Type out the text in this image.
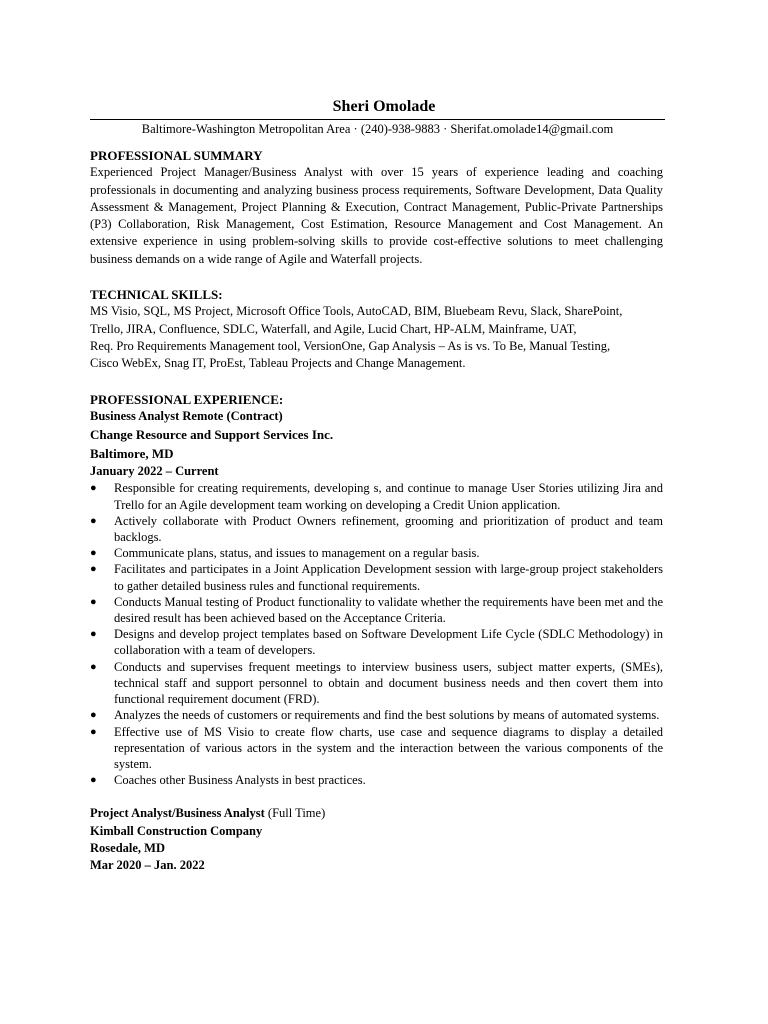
Sheri Omolade
Baltimore-Washington Metropolitan Area · (240)-938-9883 · Sherifat.omolade14@gmail.com

PROFESSIONAL SUMMARY

Experienced Project Manager/Business Analyst with over 15 years of experience leading and coaching professionals in documenting and analyzing business process requirements, Software Development, Data Quality Assessment & Management, Project Planning & Execution, Contract Management, Public-Private Partnerships (P3) Collaboration, Risk Management, Cost Estimation, Resource Management and Cost Management. An extensive experience in using problem-solving skills to provide cost-effective solutions to meet challenging business demands on a wide range of Agile and Waterfall projects.

TECHNICAL SKILLS:

MS Visio, SQL, MS Project, Microsoft Office Tools, AutoCAD, BIM, Bluebeam Revu, Slack, SharePoint,

Trello, JIRA, Confluence, SDLC, Waterfall, and Agile, Lucid Chart, HP-ALM, Mainframe, UAT,

Req. Pro Requirements Management tool, VersionOne, Gap Analysis – As is vs. To Be, Manual Testing,

Cisco WebEx, Snag IT, ProEst, Tableau Projects and Change Management.

PROFESSIONAL EXPERIENCE:

Business Analyst Remote (Contract)

Change Resource and Support Services Inc.

Baltimore, MD

January 2022 – Current

● Responsible for creating requirements, developing s, and continue to manage User Stories utilizing Jira and Trello for an Agile development team working on developing a Credit Union application.
● Actively collaborate with Product Owners refinement, grooming and prioritization of product and team backlogs.
● Communicate plans, status, and issues to management on a regular basis.
● Facilitates and participates in a Joint Application Development session with large-group project stakeholders to gather detailed business rules and functional requirements.
● Conducts Manual testing of Product functionality to validate whether the requirements have been met and the desired result has been achieved based on the Acceptance Criteria.
● Designs and develop project templates based on Software Development Life Cycle (SDLC Methodology) in collaboration with a team of developers.
● Conducts and supervises frequent meetings to interview business users, subject matter experts, (SMEs), technical staff and support personnel to obtain and document business needs and then covert them into functional requirement document (FRD).
● Analyzes the needs of customers or requirements and find the best solutions by means of automated systems.
● Effective use of MS Visio to create flow charts, use case and sequence diagrams to display a detailed representation of various actors in the system and the interaction between the various components of the system.
● Coaches other Business Analysts in best practices.

Project Analyst/Business Analyst (Full Time)

Kimball Construction Company

Rosedale, MD

Mar 2020 – Jan. 2022
